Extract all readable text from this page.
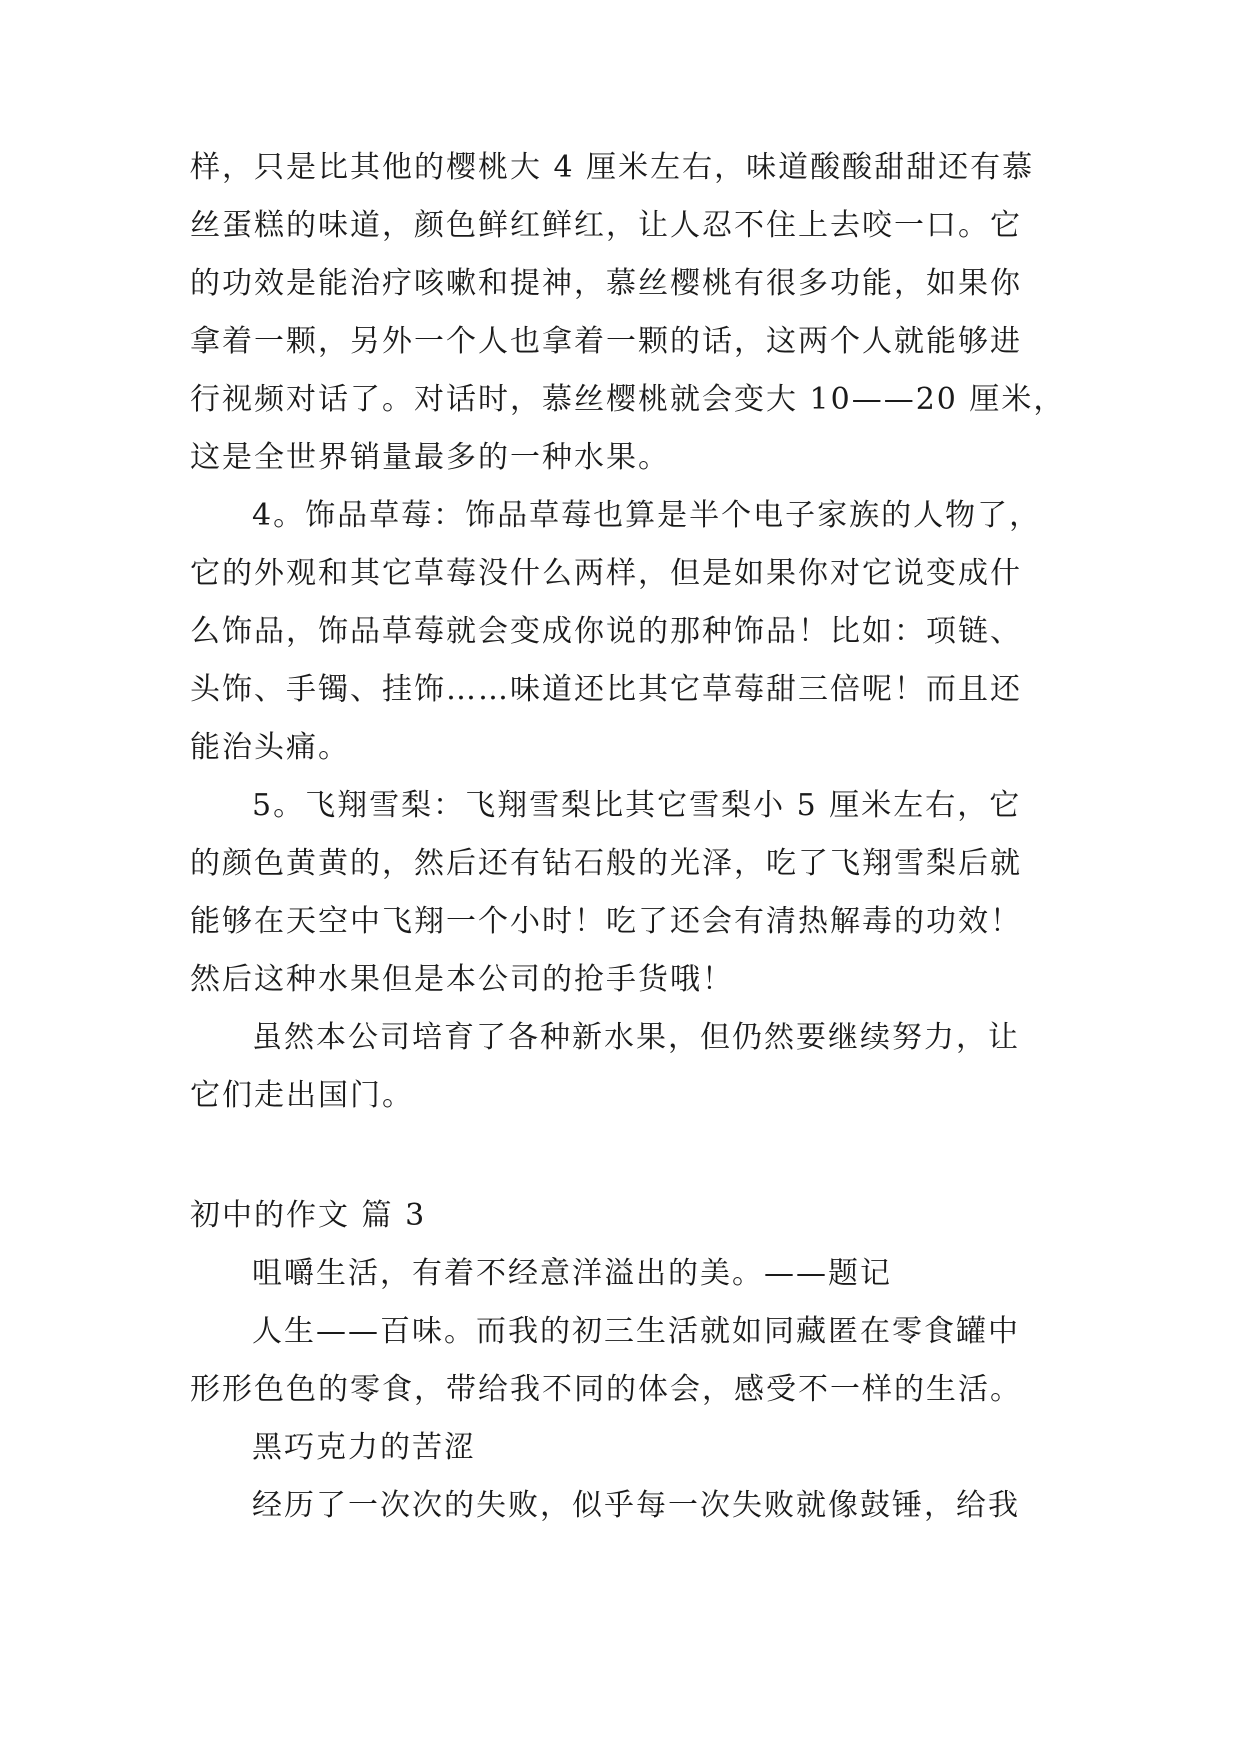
样，只是比其他的樱桃大 4 厘米左右，味道酸酸甜甜还有慕
丝蛋糕的味道，颜色鲜红鲜红，让人忍不住上去咬一口。它
的功效是能治疗咳嗽和提神，慕丝樱桃有很多功能，如果你
拿着一颗，另外一个人也拿着一颗的话，这两个人就能够进
行视频对话了。对话时，慕丝樱桃就会变大 10——20 厘米，
这是全世界销量最多的一种水果。
4。饰品草莓：饰品草莓也算是半个电子家族的人物了，
它的外观和其它草莓没什么两样，但是如果你对它说变成什
么饰品，饰品草莓就会变成你说的那种饰品！比如：项链、
头饰、手镯、挂饰……味道还比其它草莓甜三倍呢！而且还
能治头痛。
5。飞翔雪梨：飞翔雪梨比其它雪梨小 5 厘米左右，它
的颜色黄黄的，然后还有钻石般的光泽，吃了飞翔雪梨后就
能够在天空中飞翔一个小时！吃了还会有清热解毒的功效！
然后这种水果但是本公司的抢手货哦！
虽然本公司培育了各种新水果，但仍然要继续努力，让
它们走出国门。
初中的作文 篇 3
咀嚼生活，有着不经意洋溢出的美。——题记
人生——百味。而我的初三生活就如同藏匿在零食罐中
形形色色的零食，带给我不同的体会，感受不一样的生活。
黑巧克力的苦涩
经历了一次次的失败，似乎每一次失败就像鼓锤，给我
